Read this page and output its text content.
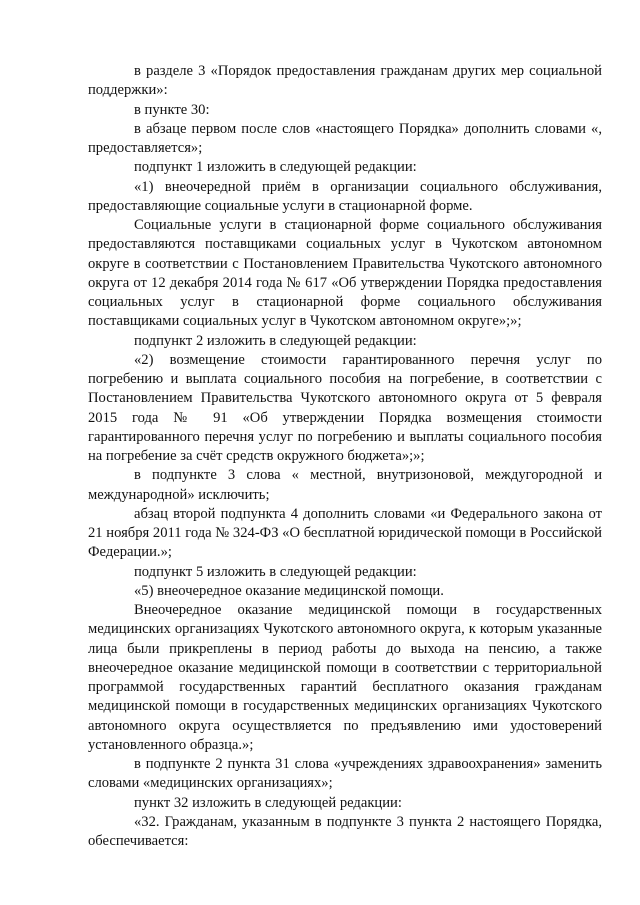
в разделе 3 «Порядок предоставления гражданам других мер социальной поддержки»:

в пункте 30:

в абзаце первом после слов «настоящего Порядка» дополнить словами «, предоставляется»;

подпункт 1 изложить в следующей редакции:

«1) внеочередной приём в организации социального обслуживания, предоставляющие социальные услуги в стационарной форме.

Социальные услуги в стационарной форме социального обслуживания предоставляются поставщиками социальных услуг в Чукотском автономном округе в соответствии с Постановлением Правительства Чукотского автономного округа от 12 декабря 2014 года № 617 «Об утверждении Порядка предоставления социальных услуг в стационарной форме социального обслуживания поставщиками социальных услуг в Чукотском автономном округе»;»;

подпункт 2 изложить в следующей редакции:

«2) возмещение стоимости гарантированного перечня услуг по погребению и выплата социального пособия на погребение, в соответствии с Постановлением Правительства Чукотского автономного округа от 5 февраля 2015 года № 91 «Об утверждении Порядка возмещения стоимости гарантированного перечня услуг по погребению и выплаты социального пособия на погребение за счёт средств окружного бюджета»;»;

в подпункте 3 слова « местной, внутризоновой, междугородной и международной» исключить;

абзац второй подпункта 4 дополнить словами «и Федерального закона от 21 ноября 2011 года № 324-ФЗ «О бесплатной юридической помощи в Российской Федерации.»;

подпункт 5 изложить в следующей редакции:

«5) внеочередное оказание медицинской помощи.

Внеочередное оказание медицинской помощи в государственных медицинских организациях Чукотского автономного округа, к которым указанные лица были прикреплены в период работы до выхода на пенсию, а также внеочередное оказание медицинской помощи в соответствии с территориальной программой государственных гарантий бесплатного оказания гражданам медицинской помощи в государственных медицинских организациях Чукотского автономного округа осуществляется по предъявлению ими удостоверений установленного образца.»;

в подпункте 2 пункта 31 слова «учреждениях здравоохранения» заменить словами «медицинских организациях»;

пункт 32 изложить в следующей редакции:

«32. Гражданам, указанным в подпункте 3 пункта 2 настоящего Порядка, обеспечивается:
